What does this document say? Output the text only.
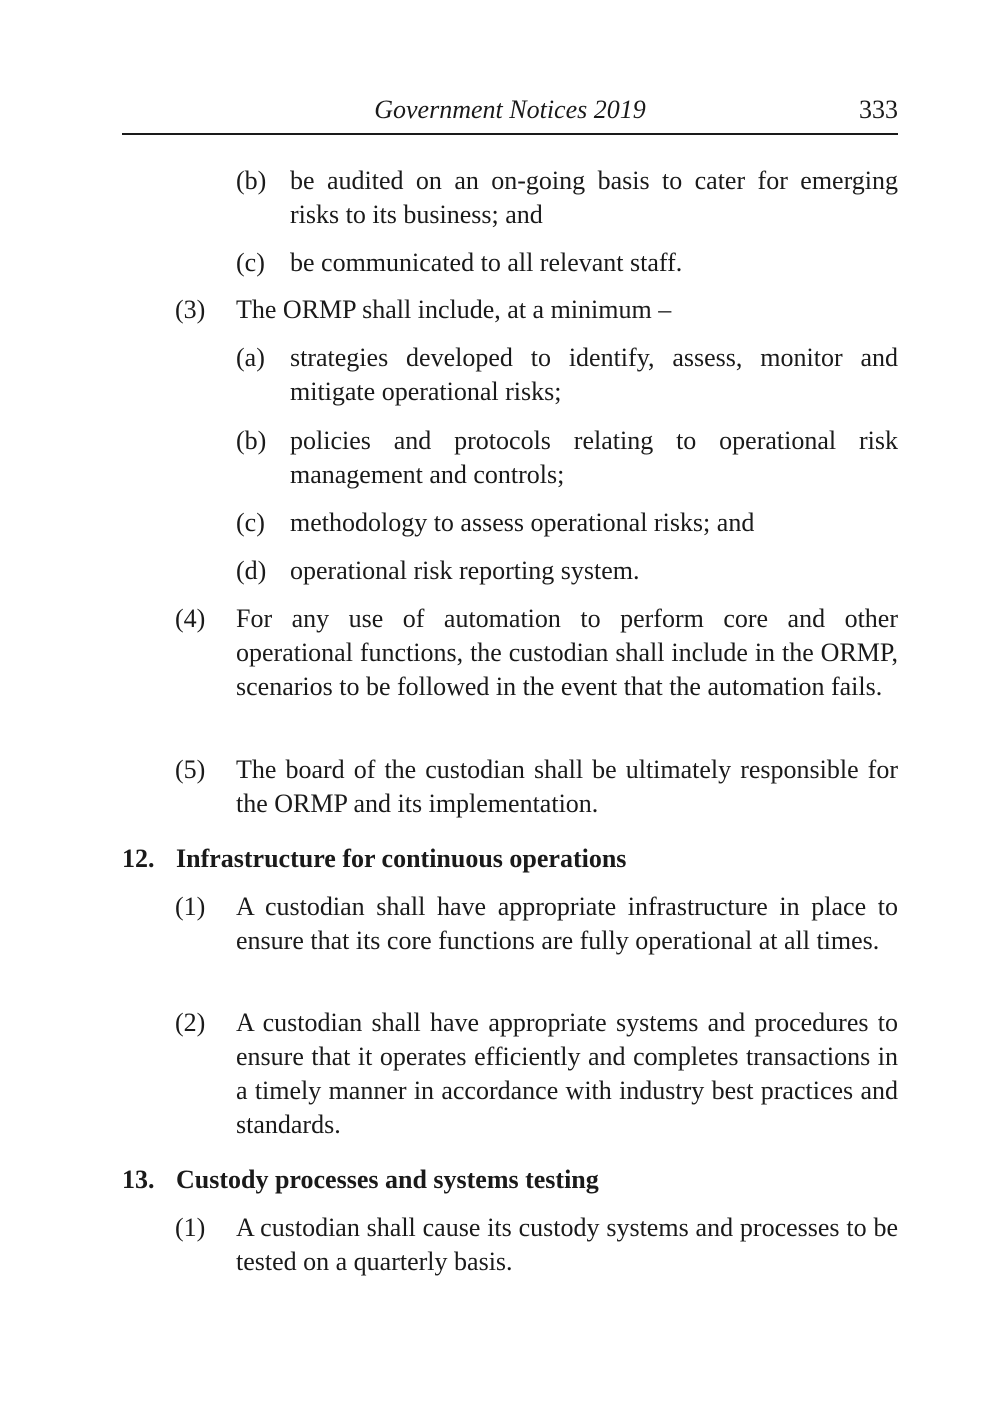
Government Notices 2019	333
(b) be audited on an on-going basis to cater for emerging risks to its business; and
(c) be communicated to all relevant staff.
(3) The ORMP shall include, at a minimum –
(a) strategies developed to identify, assess, monitor and mitigate operational risks;
(b) policies and protocols relating to operational risk management and controls;
(c) methodology to assess operational risks; and
(d) operational risk reporting system.
(4) For any use of automation to perform core and other operational functions, the custodian shall include in the ORMP, scenarios to be followed in the event that the automation fails.
(5) The board of the custodian shall be ultimately responsible for the ORMP and its implementation.
12. Infrastructure for continuous operations
(1) A custodian shall have appropriate infrastructure in place to ensure that its core functions are fully operational at all times.
(2) A custodian shall have appropriate systems and procedures to ensure that it operates efficiently and completes transactions in a timely manner in accordance with industry best practices and standards.
13. Custody processes and systems testing
(1) A custodian shall cause its custody systems and processes to be tested on a quarterly basis.
